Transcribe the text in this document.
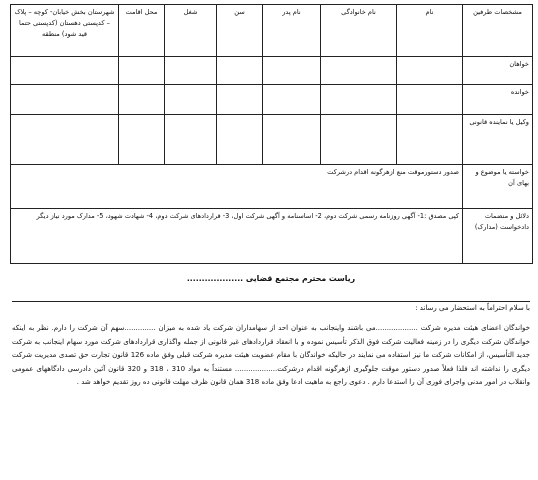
مشخصات طرفین	نام	نام خانوادگی	نام پدر	سن	شغل	محل اقامت	شهرستان بخش خیابان- کوچه – پلاک – کدپستی دهستان (کدپستی حتما قید شود) منطقه
خواهان							
خوانده							
وکیل یا نماینده قانونی							
خواسته یا موضوع و بهای آن	صدور دستورموقت منع ازهرگونه اقدام درشرکت						
دلائل و منضمات دادخواست (مدارک)	کپی مصدق :1- آگهی روزنامه رسمی شرکت دوم، 2- اساسنامه و آگهی شرکت اول، 3- قراردادهای شرکت دوم، 4- شهادت شهود، 5- مدارک مورد نیاز دیگر						
ریاست محترم مجتمع قضایی ...................

با سلام احتراماً به استحضار می رساند :

خواندگان اعضای هیئت مدیره شرکت ...................می باشند واینجانب به عنوان احد از سهامداران شرکت یاد شده به میزان ..............سهم آن شرکت را دارم. نظر به اینکه خواندگان شرکت دیگری را در زمینه فعالیت شرکت فوق الذکر تأسیس نموده و با انعقاد قراردادهای غیر قانونی از جمله واگذاری قراردادهای شرکت مورد سهام اینجانب به شرکت جدید التأسیس، از امکانات شرکت ما نیز استفاده می نمایند در حالیکه خواندگان با مقام عضویت هیئت مدیره شرکت قبلی وفق ماده 126 قانون تجارت حق تصدی مدیریت شرکت دیگری را نداشته اند فلذا فعلاً صدور دستور موقت جلوگیری ازهرگونه اقدام درشرکت................... مستنداً به مواد 310 ، 318 و 320 قانون آئین دادرسی دادگاههای عمومی وانقلاب در امور مدنی واجرای فوری آن را استدعا دارم . دعوی راجع به ماهیت ادعا وفق ماده 318 همان قانون ظرف مهلت قانونی ده روز تقدیم خواهد شد .
